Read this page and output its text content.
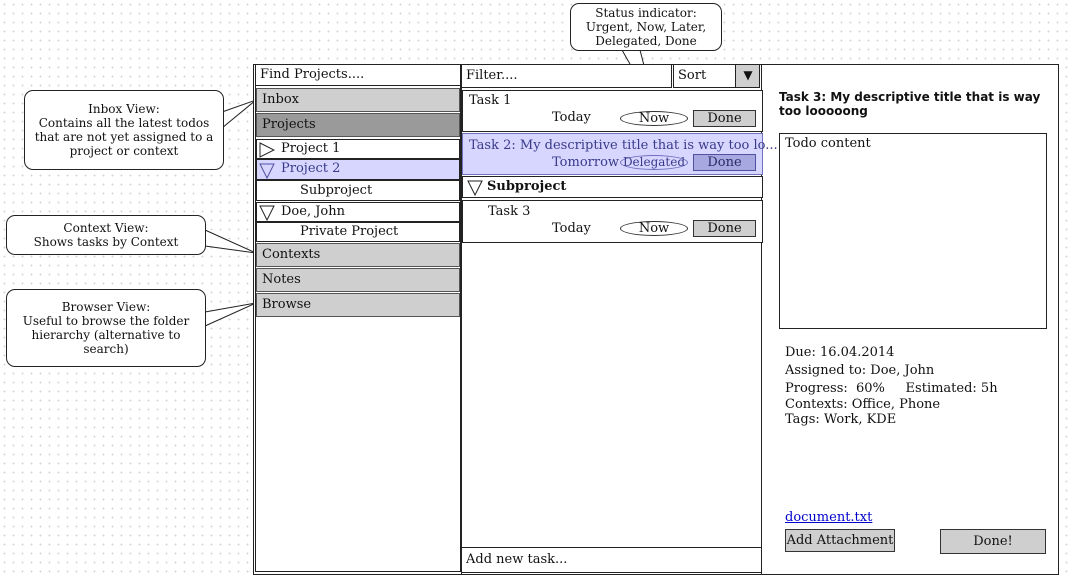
Status indicator:
Urgent, Now, Later,
Delegated, Done
Inbox View:
Contains all the latest todos
that are not yet assigned to a
project or context
Context View:
Shows tasks by Context
Browser View:
Useful to browse the folder
hierarchy (alternative to
search)
Find Projects....
Inbox
Projects
Project 1
Project 2
Subproject
Doe, John
Private Project
Contexts
Notes
Browse
Filter....	Sort	▼
Task 1
Today	Now	Done
Task 2: My descriptive title that is way too lo...
Tomorrow Delegated	Done
Subproject
Task 3
Today	Now	Done
Add new task...
Task 3: My descriptive title that is way too looooong
Todo content
Due: 16.04.2014
Assigned to: Doe, John
Progress:  60%     Estimated: 5h
Contexts: Office, Phone
Tags: Work, KDE
document.txt
Add Attachment	Done!
